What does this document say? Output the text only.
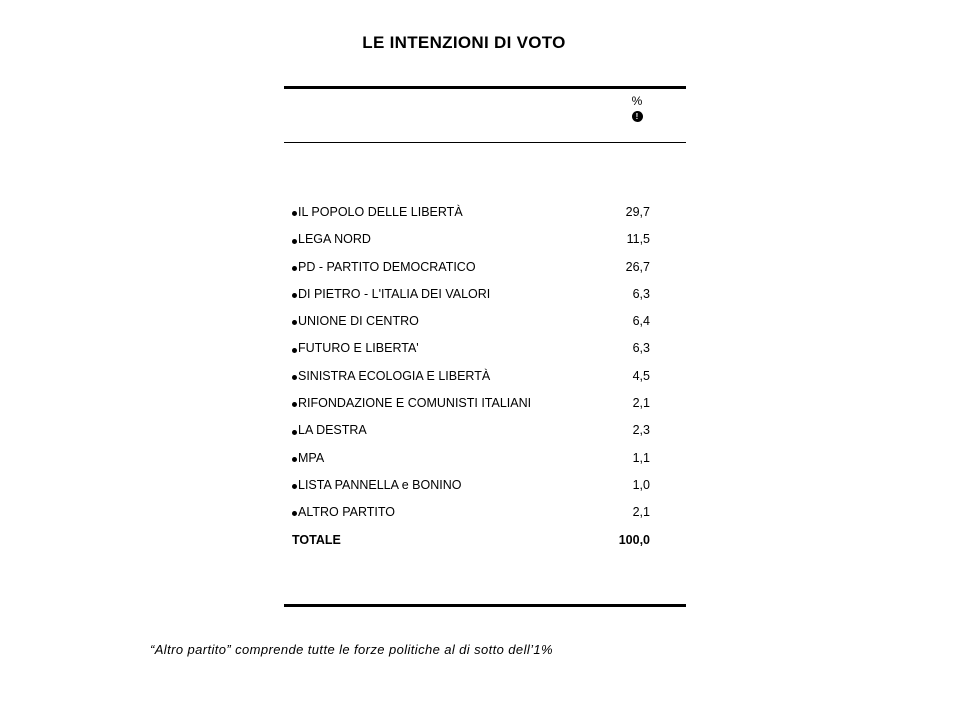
LE INTENZIONI DI VOTO
%
!
IL POPOLO DELLE LIBERTÀ	29,7
LEGA NORD	11,5
PD - PARTITO DEMOCRATICO	26,7
DI PIETRO - L'ITALIA DEI VALORI	6,3
UNIONE DI CENTRO	6,4
FUTURO E LIBERTA'	6,3
SINISTRA ECOLOGIA E LIBERTÀ	4,5
RIFONDAZIONE E COMUNISTI ITALIANI	2,1
LA DESTRA	2,3
MPA	1,1
LISTA PANNELLA e BONINO	1,0
ALTRO PARTITO	2,1
TOTALE	100,0
“Altro partito” comprende tutte le forze politiche al di sotto dell’1%
